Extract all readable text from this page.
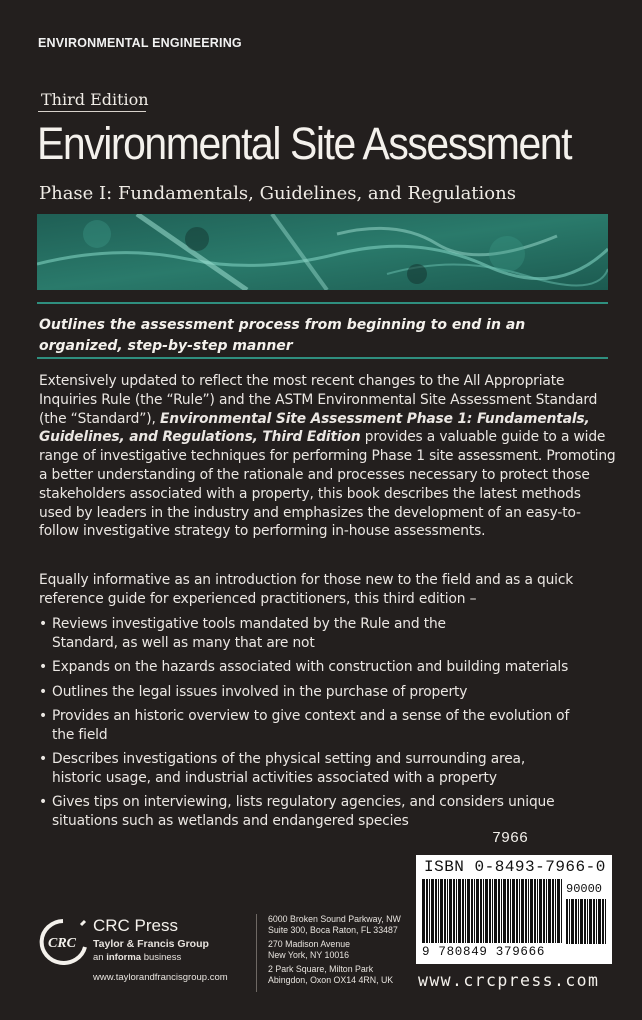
ENVIRONMENTAL ENGINEERING
Third Edition
Environmental Site Assessment
Phase I: Fundamentals, Guidelines, and Regulations
Outlines the assessment process from beginning to end in an organized, step-by-step manner
Extensively updated to reflect the most recent changes to the All Appropriate Inquiries Rule (the “Rule”) and the ASTM Environmental Site Assessment Standard (the “Standard”), Environmental Site Assessment Phase 1: Fundamentals, Guidelines, and Regulations, Third Edition provides a valuable guide to a wide range of investigative techniques for performing Phase 1 site assessment. Promoting a better understanding of the rationale and processes necessary to protect those stakeholders associated with a property, this book describes the latest methods used by leaders in the industry and emphasizes the development of an easy-to-follow investigative strategy to performing in-house assessments.
Equally informative as an introduction for those new to the field and as a quick reference guide for experienced practitioners, this third edition –
• Reviews investigative tools mandated by the Rule and the Standard, as well as many that are not
• Expands on the hazards associated with construction and building materials
• Outlines the legal issues involved in the purchase of property
• Provides an historic overview to give context and a sense of the evolution of the field
• Describes investigations of the physical setting and surrounding area, historic usage, and industrial activities associated with a property
• Gives tips on interviewing, lists regulatory agencies, and considers unique situations such as wetlands and endangered species
7966
ISBN 0-8493-7966-0
90000
9 780849 379666
www.crcpress.com
CRC
CRC Press
Taylor & Francis Group
an informa business
www.taylorandfrancisgroup.com
6000 Broken Sound Parkway, NW
Suite 300, Boca Raton, FL 33487
270 Madison Avenue
New York, NY 10016
2 Park Square, Milton Park
Abingdon, Oxon OX14 4RN, UK
